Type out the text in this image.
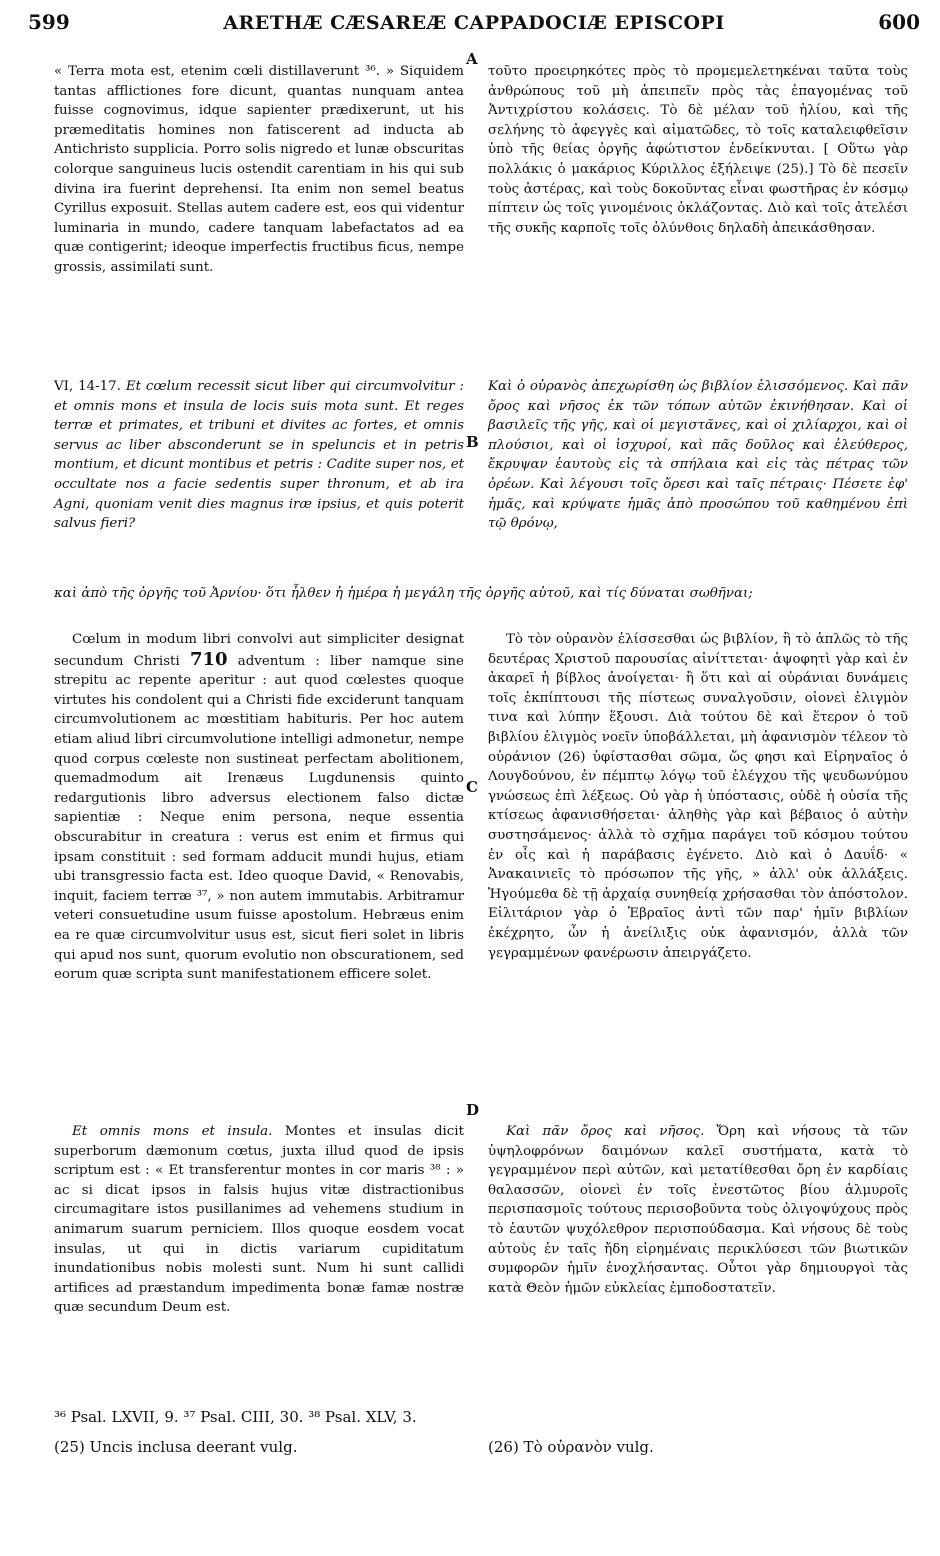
599	ARETHÆ CÆSAREÆ CAPPADOCIÆ EPISCOPI	600
A
B
C
D

« Terra mota est, etenim cœli distillaverunt ³⁶. » Siquidem tantas afflictiones fore dicunt, quantas nunquam antea fuisse cognovimus, idque sapienter prædixerunt, ut his præmeditatis homines non fatiscerent ad inducta ab Antichristo supplicia. Porro solis nigredo et lunæ obscuritas colorque sanguineus lucis ostendit carentiam in his qui sub divina ira fuerint deprehensi. Ita enim non semel beatus Cyrillus exposuit. Stellas autem cadere est, eos qui videntur luminaria in mundo, cadere tanquam labefactatos ad ea quæ contigerint; ideoque imperfectis fructibus ficus, nempe grossis, assimilati sunt.

VI, 14-17. Et cœlum recessit sicut liber qui circumvolvitur : et omnis mons et insula de locis suis mota sunt. Et reges terræ et primates, et tribuni et divites ac fortes, et omnis servus ac liber absconderunt se in speluncis et in petris montium, et dicunt montibus et petris : Cadite super nos, et occultate nos a facie sedentis super thronum, et ab ira Agni, quoniam venit dies magnus iræ ipsius, et quis poterit salvus fieri?

καὶ ἀπὸ τῆς ὀργῆς τοῦ Ἀρνίου· ὅτι ἦλθεν ἡ ἡμέρα ἡ μεγάλη τῆς ὀργῆς αὐτοῦ, καὶ τίς δύναται σωθῆναι;

Cœlum in modum libri convolvi aut simpliciter designat secundum Christi 710 adventum : liber namque sine strepitu ac repente aperitur : aut quod cœlestes quoque virtutes his condolent qui a Christi fide exciderunt tanquam circumvolutionem ac mœstitiam habituris. Per hoc autem etiam aliud libri circumvolutione intelligi admonetur, nempe quod corpus cœleste non sustineat perfectam abolitionem, quemadmodum ait Irenæus Lugdunensis quinto redargutionis libro adversus electionem falso dictæ sapientiæ : Neque enim persona, neque essentia obscurabitur in creatura : verus est enim et firmus qui ipsam constituit : sed formam adducit mundi hujus, etiam ubi transgressio facta est. Ideo quoque David, « Renovabis, inquit, faciem terræ ³⁷, » non autem immutabis. Arbitramur veteri consuetudine usum fuisse apostolum. Hebræus enim ea re quæ circumvolvitur usus est, sicut fieri solet in libris qui apud nos sunt, quorum evolutio non obscurationem, sed eorum quæ scripta sunt manifestationem efficere solet.

Et omnis mons et insula. Montes et insulas dicit superborum dæmonum cœtus, juxta illud quod de ipsis scriptum est : « Et transferentur montes in cor maris ³⁸ : » ac si dicat ipsos in falsis hujus vitæ distractionibus circumagitare istos pusillanimes ad vehemens studium in animarum suarum perniciem. Illos quoque eosdem vocat insulas, ut qui in dictis variarum cupiditatum inundationibus nobis molesti sunt. Num hi sunt callidi artifices ad præstandum impedimenta bonæ famæ nostræ quæ secundum Deum est.

τοῦτο προειρηκότες πρὸς τὸ προμεμελετηκέναι ταῦτα τοὺς ἀνθρώπους τοῦ μὴ ἀπειπεῖν πρὸς τὰς ἐπαγομένας τοῦ Ἀντιχρίστου κολάσεις. Τὸ δὲ μέλαν τοῦ ἡλίου, καὶ τῆς σελήνης τὸ ἀφεγγὲς καὶ αἱματῶδες, τὸ τοῖς καταλειφθεῖσιν ὑπὸ τῆς θείας ὀργῆς ἀφώτιστον ἐνδείκνυται. [ Οὕτω γὰρ πολλάκις ὁ μακάριος Κύριλλος ἐξήλειψε (25).] Τὸ δὲ πεσεῖν τοὺς ἀστέρας, καὶ τοὺς δοκοῦντας εἶναι φωστῆρας ἐν κόσμῳ πίπτειν ὡς τοῖς γινομένοις ὀκλάζοντας. Διὸ καὶ τοῖς ἀτελέσι τῆς συκῆς καρποῖς τοῖς ὀλύνθοις δηλαδὴ ἀπεικάσθησαν.

Καὶ ὁ οὐρανὸς ἀπεχωρίσθη ὡς βιβλίον ἑλισσόμενος. Καὶ πᾶν ὄρος καὶ νῆσος ἐκ τῶν τόπων αὐτῶν ἐκινήθησαν. Καὶ οἱ βασιλεῖς τῆς γῆς, καὶ οἱ μεγιστᾶνες, καὶ οἱ χιλίαρχοι, καὶ οἱ πλούσιοι, καὶ οἱ ἰσχυροί, καὶ πᾶς δοῦλος καὶ ἐλεύθερος, ἔκρυψαν ἑαυτοὺς εἰς τὰ σπήλαια καὶ εἰς τὰς πέτρας τῶν ὀρέων. Καὶ λέγουσι τοῖς ὄρεσι καὶ ταῖς πέτραις· Πέσετε ἐφ' ἡμᾶς, καὶ κρύψατε ἡμᾶς ἀπὸ προσώπου τοῦ καθημένου ἐπὶ τῷ θρόνῳ,

Τὸ τὸν οὐρανὸν ἑλίσσεσθαι ὡς βιβλίον, ἢ τὸ ἁπλῶς τὸ τῆς δευτέρας Χριστοῦ παρουσίας αἰνίττεται· ἀψοφητὶ γὰρ καὶ ἐν ἀκαρεῖ ἡ βίβλος ἀνοίγεται· ἢ ὅτι καὶ αἱ οὐράνιαι δυνάμεις τοῖς ἐκπίπτουσι τῆς πίστεως συναλγοῦσιν, οἱονεὶ ἑλιγμὸν τινα καὶ λύπην ἕξουσι. Διὰ τούτου δὲ καὶ ἕτερον ὁ τοῦ βιβλίου ἑλιγμὸς νοεῖν ὑποβάλλεται, μὴ ἀφανισμὸν τέλεον τὸ οὐράνιον (26) ὑφίστασθαι σῶμα, ὥς φησι καὶ Εἰρηναῖος ὁ Λουγδούνου, ἐν πέμπτῳ λόγῳ τοῦ ἐλέγχου τῆς ψευδωνύμου γνώσεως ἐπὶ λέξεως. Οὐ γὰρ ἡ ὑπόστασις, οὐδὲ ἡ οὐσία τῆς κτίσεως ἀφανισθήσεται· ἀληθὴς γὰρ καὶ βέβαιος ὁ αὐτὴν συστησάμενος· ἀλλὰ τὸ σχῆμα παράγει τοῦ κόσμου τούτου ἐν οἷς καὶ ἡ παράβασις ἐγένετο. Διὸ καὶ ὁ Δαυΐδ· « Ἀνακαινιεῖς τὸ πρόσωπον τῆς γῆς, » ἀλλ' οὐκ ἀλλάξεις. Ἡγούμεθα δὲ τῇ ἀρχαίᾳ συνηθείᾳ χρήσασθαι τὸν ἀπόστολον. Εἰλιτάριον γὰρ ὁ Ἑβραῖος ἀντὶ τῶν παρ' ἡμῖν βιβλίων ἐκέχρητο, ὧν ἡ ἀνείλιξις οὐκ ἀφανισμόν, ἀλλὰ τῶν γεγραμμένων φανέρωσιν ἀπειργάζετο.

Καὶ πᾶν ὄρος καὶ νῆσος. Ὄρη καὶ νήσους τὰ τῶν ὑψηλοφρόνων δαιμόνων καλεῖ συστήματα, κατὰ τὸ γεγραμμένον περὶ αὐτῶν, καὶ μετατίθεσθαι ὄρη ἐν καρδίαις θαλασσῶν, οἱονεὶ ἐν τοῖς ἐνεστῶτος βίου ἁλμυροῖς περισπασμοῖς τούτους περισοβοῦντα τοὺς ὀλιγοψύχους πρὸς τὸ ἑαυτῶν ψυχόλεθρον περισπούδασμα. Καὶ νήσους δὲ τοὺς αὐτοὺς ἐν ταῖς ἤδη εἰρημέναις περικλύσεσι τῶν βιωτικῶν συμφορῶν ἡμῖν ἐνοχλήσαντας. Οὗτοι γὰρ δημιουργοὶ τὰς κατὰ Θεὸν ἡμῶν εὐκλείας ἐμποδοστατεῖν.

³⁶ Psal. LXVII, 9. ³⁷ Psal. CIII, 30. ³⁸ Psal. XLV, 3.
(25) Uncis inclusa deerant vulg.	(26) Τὸ οὐρανὸν vulg.
